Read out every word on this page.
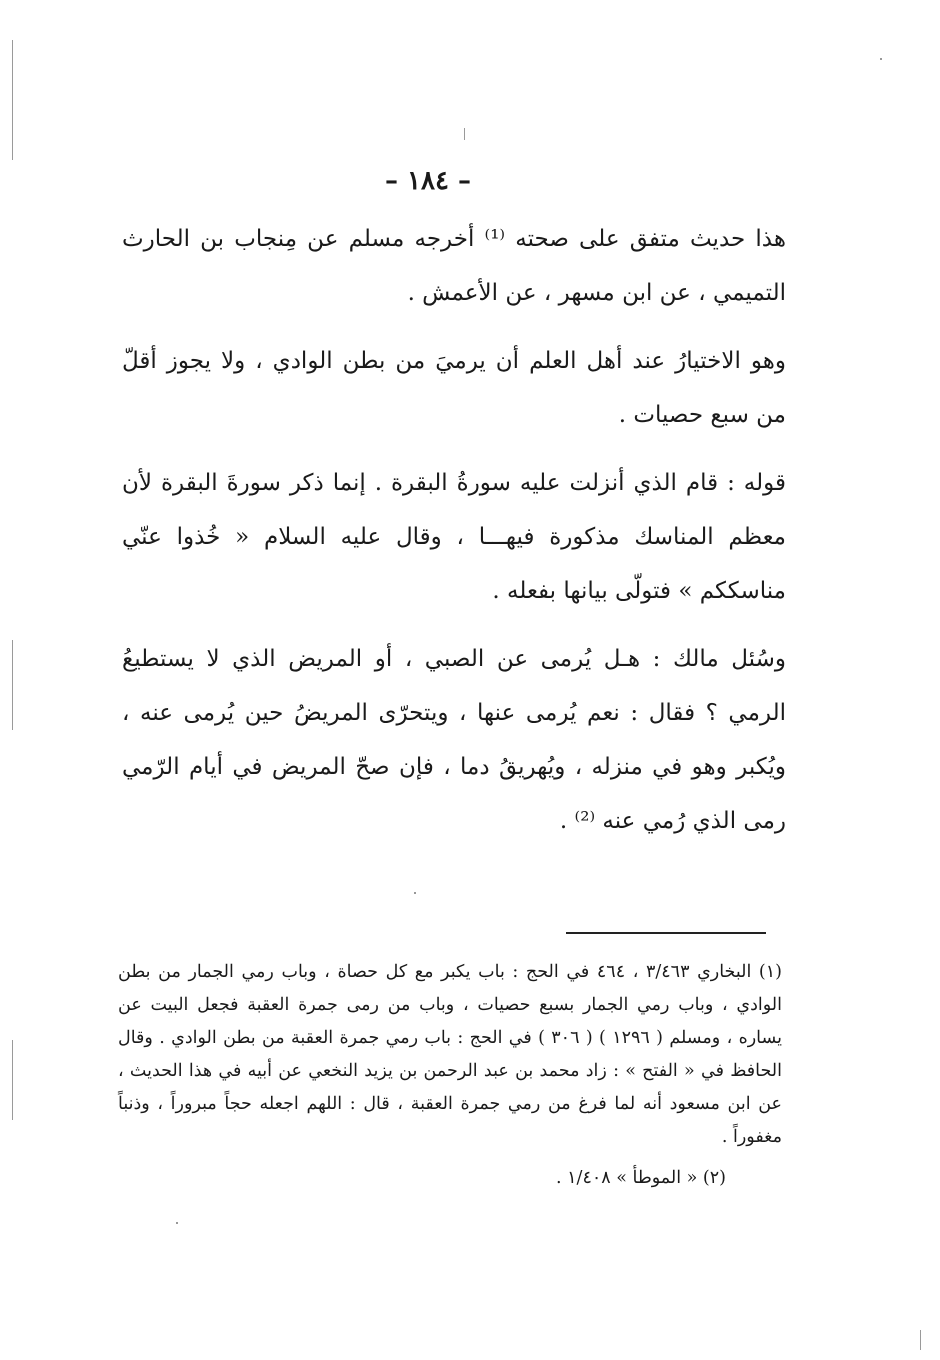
– ١٨٤ –

هذا حديث متفق على صحته ⁽¹⁾ أخرجه مسلم عن مِنجاب بن الحارث التميمي ، عن ابن مسهر ، عن الأعمش .

وهو الاختيارُ عند أهل العلم أن يرميَ من بطن الوادي ، ولا يجوز أقلّ من سبع حصيات .

قوله : قام الذي أنزلت عليه سورةُ البقرة . إنما ذكر سورةَ البقرة لأن معظم المناسك مذكورة فيهـــا ، وقال عليه السلام « خُذوا عنّي مناسككم » فتولّى بيانها بفعله .

وسُئل مالك : هـل يُرمى عن الصبي ، أو المريض الذي لا يستطيعُ الرمي ؟ فقال : نعم يُرمى عنها ، ويتحرّى المريضُ حين يُرمى عنه ، ويُكبر وهو في منزله ، ويُهريقُ دما ، فإن صحّ المريض في أيام الرّمي رمى الذي رُمي عنه ⁽²⁾ .

(١) البخاري ٣/٤٦٣ ، ٤٦٤ في الحج : باب يكبر مع كل حصاة ، وباب رمي الجمار من بطن الوادي ، وباب رمي الجمار بسبع حصيات ، وباب من رمى جمرة العقبة فجعل البيت عن يساره ، ومسلم ( ١٢٩٦ ) ( ٣٠٦ ) في الحج : باب رمي جمرة العقبة من بطن الوادي . وقال الحافظ في « الفتح » : زاد محمد بن عبد الرحمن بن يزيد النخعي عن أبيه في هذا الحديث ، عن ابن مسعود أنه لما فرغ من رمي جمرة العقبة ، قال : اللهم اجعله حجاً مبروراً ، وذنباً مغفوراً .

(٢) « الموطأ » ١/٤٠٨ .
